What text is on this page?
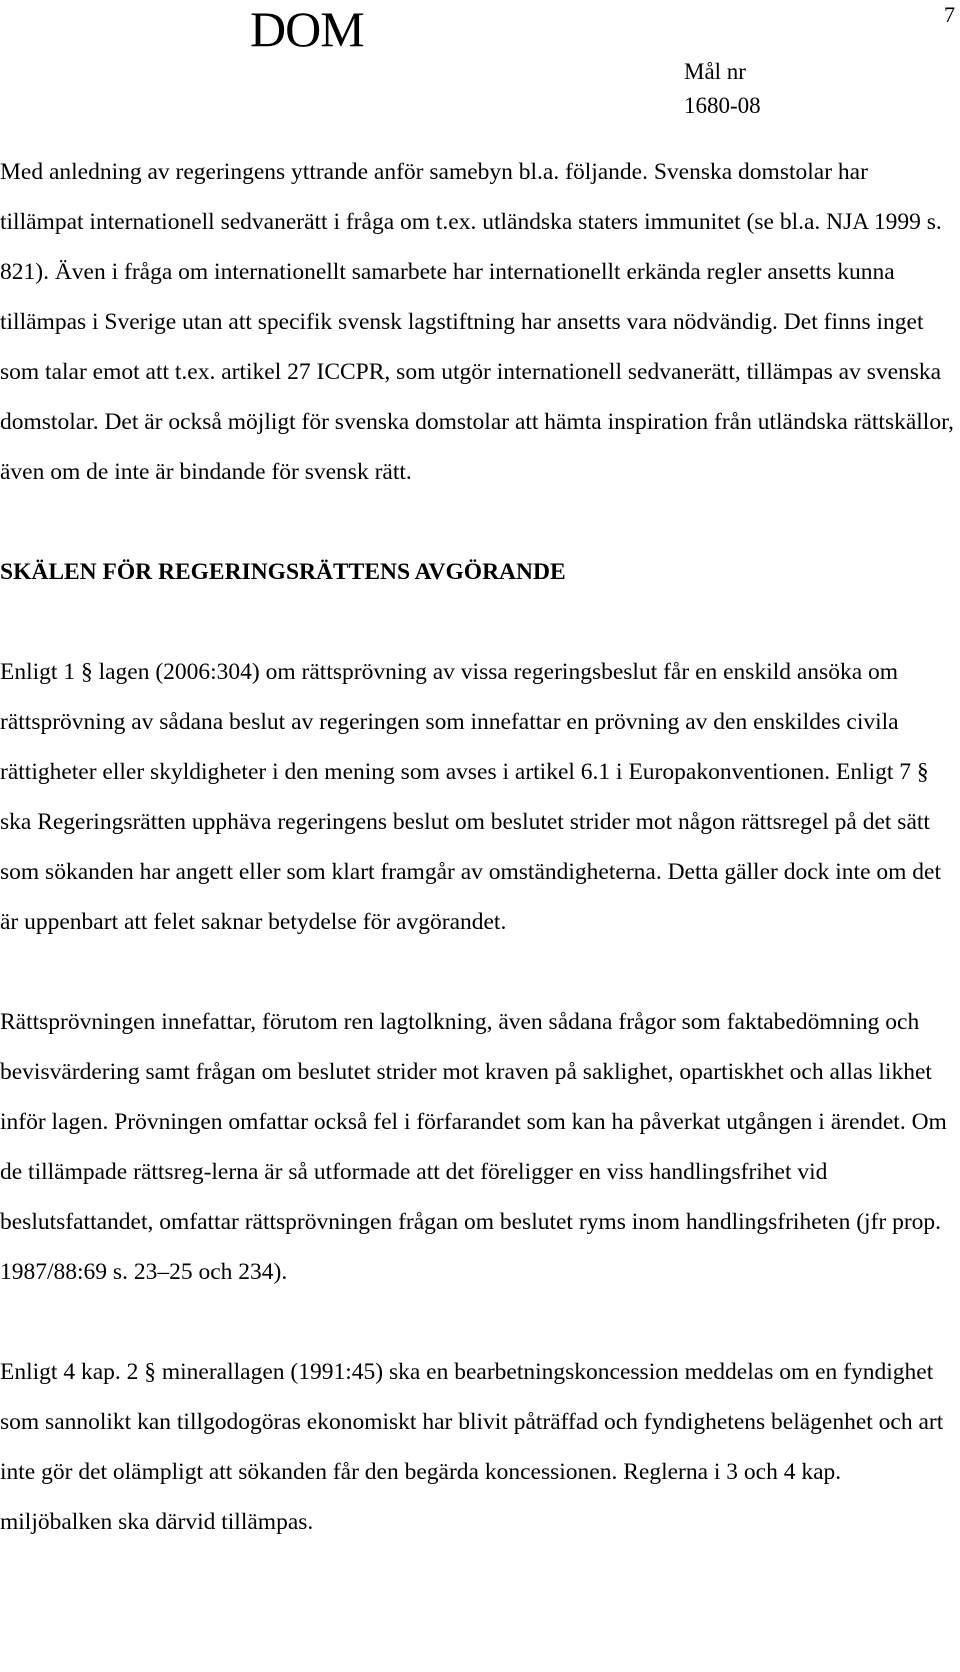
DOM	7
Mål nr
1680-08

Med anledning av regeringens yttrande anför samebyn bl.a. följande. Svenska domstolar har tillämpat internationell sedvanerätt i fråga om t.ex. utländska staters immunitet (se bl.a. NJA 1999 s. 821). Även i fråga om internationellt samarbete har internationellt erkända regler ansetts kunna tillämpas i Sverige utan att specifik svensk lagstiftning har ansetts vara nödvändig. Det finns inget som talar emot att t.ex. artikel 27 ICCPR, som utgör internationell sedvanerätt, tillämpas av svenska domstolar. Det är också möjligt för svenska domstolar att hämta inspiration från utländska rättskällor, även om de inte är bindande för svensk rätt.

SKÄLEN FÖR REGERINGSRÄTTENS AVGÖRANDE

Enligt 1 § lagen (2006:304) om rättsprövning av vissa regeringsbeslut får en enskild ansöka om rättsprövning av sådana beslut av regeringen som innefattar en prövning av den enskildes civila rättigheter eller skyldigheter i den mening som avses i artikel 6.1 i Europakonventionen. Enligt 7 § ska Regeringsrätten upphäva regeringens beslut om beslutet strider mot någon rättsregel på det sätt som sökanden har angett eller som klart framgår av omständigheterna. Detta gäller dock inte om det är uppenbart att felet saknar betydelse för avgörandet.

Rättsprövningen innefattar, förutom ren lagtolkning, även sådana frågor som faktabedömning och bevisvärdering samt frågan om beslutet strider mot kraven på saklighet, opartiskhet och allas likhet inför lagen. Prövningen omfattar också fel i förfarandet som kan ha påverkat utgången i ärendet. Om de tillämpade rättsreg-lerna är så utformade att det föreligger en viss handlingsfrihet vid beslutsfattandet, omfattar rättsprövningen frågan om beslutet ryms inom handlingsfriheten (jfr prop. 1987/88:69 s. 23–25 och 234).

Enligt 4 kap. 2 § minerallagen (1991:45) ska en bearbetningskoncession meddelas om en fyndighet som sannolikt kan tillgodogöras ekonomiskt har blivit påträffad och fyndighetens belägenhet och art inte gör det olämpligt att sökanden får den begärda koncessionen. Reglerna i 3 och 4 kap. miljöbalken ska därvid tillämpas.
